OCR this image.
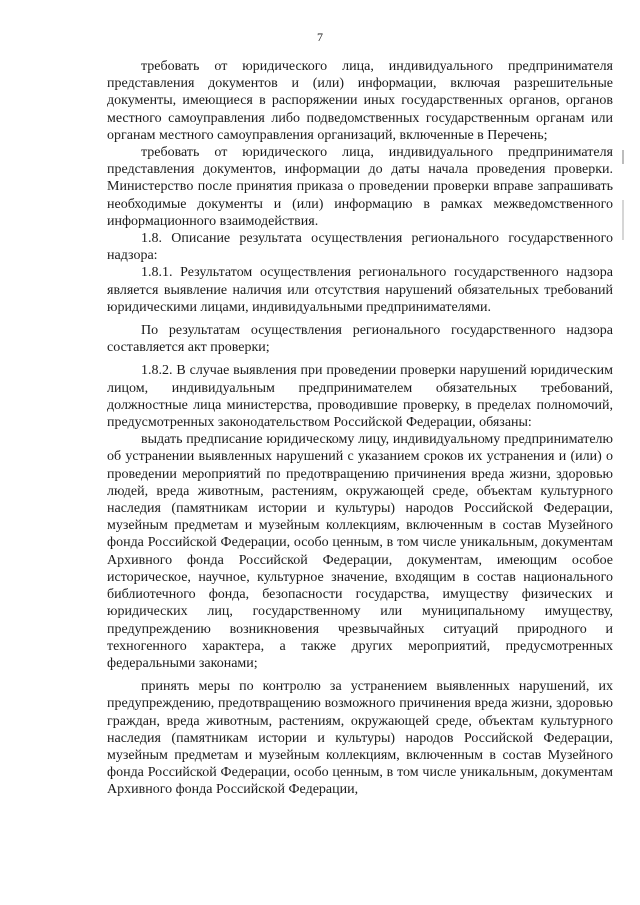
7

требовать от юридического лица, индивидуального предпринимателя представления документов и (или) информации, включая разрешительные документы, имеющиеся в распоряжении иных государственных органов, органов местного самоуправления либо подведомственных государственным органам или органам местного самоуправления организаций, включенные в Перечень;

требовать от юридического лица, индивидуального предпринимателя представления документов, информации до даты начала проведения проверки. Министерство после принятия приказа о проведении проверки вправе запрашивать необходимые документы и (или) информацию в рамках межведомственного информационного взаимодействия.

1.8. Описание результата осуществления регионального государственного надзора:

1.8.1. Результатом осуществления регионального государственного надзора является выявление наличия или отсутствия нарушений обязательных требований юридическими лицами, индивидуальными предпринимателями.

По результатам осуществления регионального государственного надзора составляется акт проверки;

1.8.2. В случае выявления при проведении проверки нарушений юридическим лицом, индивидуальным предпринимателем обязательных требований, должностные лица министерства, проводившие проверку, в пределах полномочий, предусмотренных законодательством Российской Федерации, обязаны:

выдать предписание юридическому лицу, индивидуальному предпринимателю об устранении выявленных нарушений с указанием сроков их устранения и (или) о проведении мероприятий по предотвращению причинения вреда жизни, здоровью людей, вреда животным, растениям, окружающей среде, объектам культурного наследия (памятникам истории и культуры) народов Российской Федерации, музейным предметам и музейным коллекциям, включенным в состав Музейного фонда Российской Федерации, особо ценным, в том числе уникальным, документам Архивного фонда Российской Федерации, документам, имеющим особое историческое, научное, культурное значение, входящим в состав национального библиотечного фонда, безопасности государства, имуществу физических и юридических лиц, государственному или муниципальному имуществу, предупреждению возникновения чрезвычайных ситуаций природного и техногенного характера, а также других мероприятий, предусмотренных федеральными законами;

принять меры по контролю за устранением выявленных нарушений, их предупреждению, предотвращению возможного причинения вреда жизни, здоровью граждан, вреда животным, растениям, окружающей среде, объектам культурного наследия (памятникам истории и культуры) народов Российской Федерации, музейным предметам и музейным коллекциям, включенным в состав Музейного фонда Российской Федерации, особо ценным, в том числе уникальным, документам Архивного фонда Российской Федерации,
